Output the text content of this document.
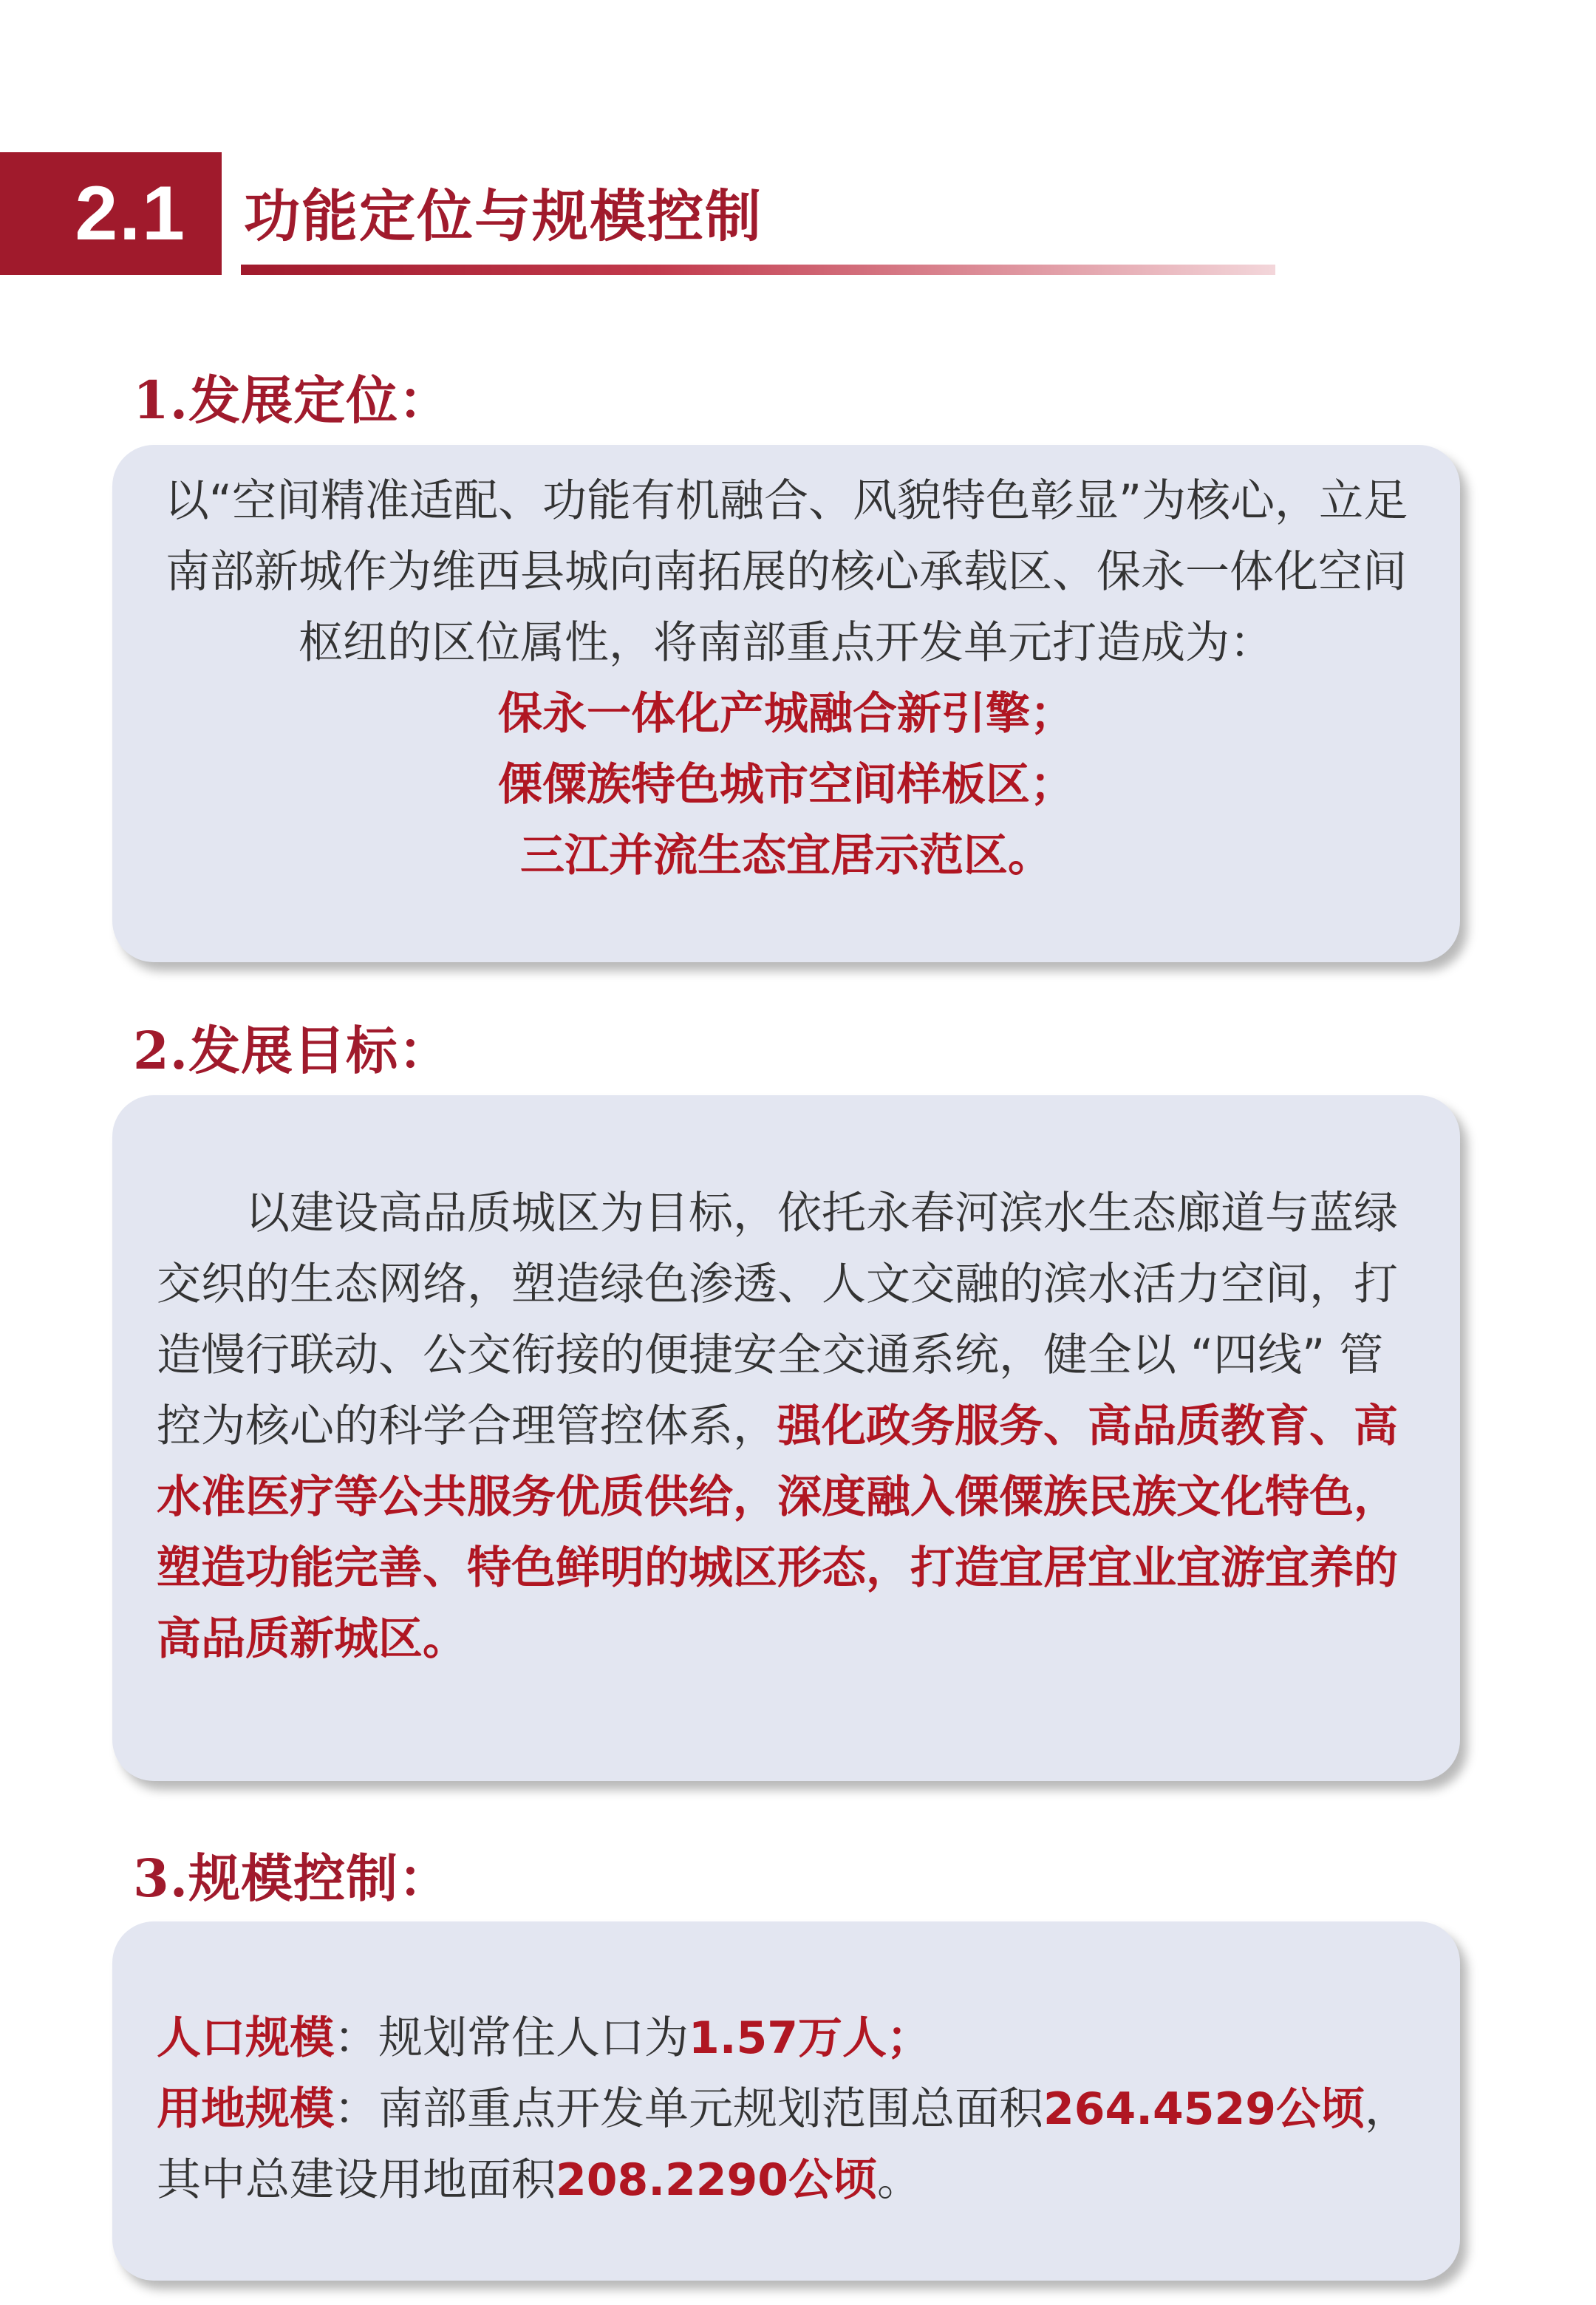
2.1	功能定位与规模控制
1.发展定位：

以“空间精准适配、功能有机融合、风貌特色彰显”为核心，立足南部新城作为维西县城向南拓展的核心承载区、保永一体化空间枢纽的区位属性，将南部重点开发单元打造成为：

保永一体化产城融合新引擎；

傈僳族特色城市空间样板区；

三江并流生态宜居示范区。

2.发展目标：

以建设高品质城区为目标，依托永春河滨水生态廊道与蓝绿交织的生态网络，塑造绿色渗透、人文交融的滨水活力空间，打造慢行联动、公交衔接的便捷安全交通系统，健全以 “四线” 管控为核心的科学合理管控体系，强化政务服务、高品质教育、高水准医疗等公共服务优质供给，深度融入傈僳族民族文化特色，塑造功能完善、特色鲜明的城区形态，打造宜居宜业宜游宜养的高品质新城区。

3.规模控制：

人口规模：规划常住人口为1.57万人；

用地规模：南部重点开发单元规划范围总面积264.4529公顷，其中总建设用地面积208.2290公顷。
